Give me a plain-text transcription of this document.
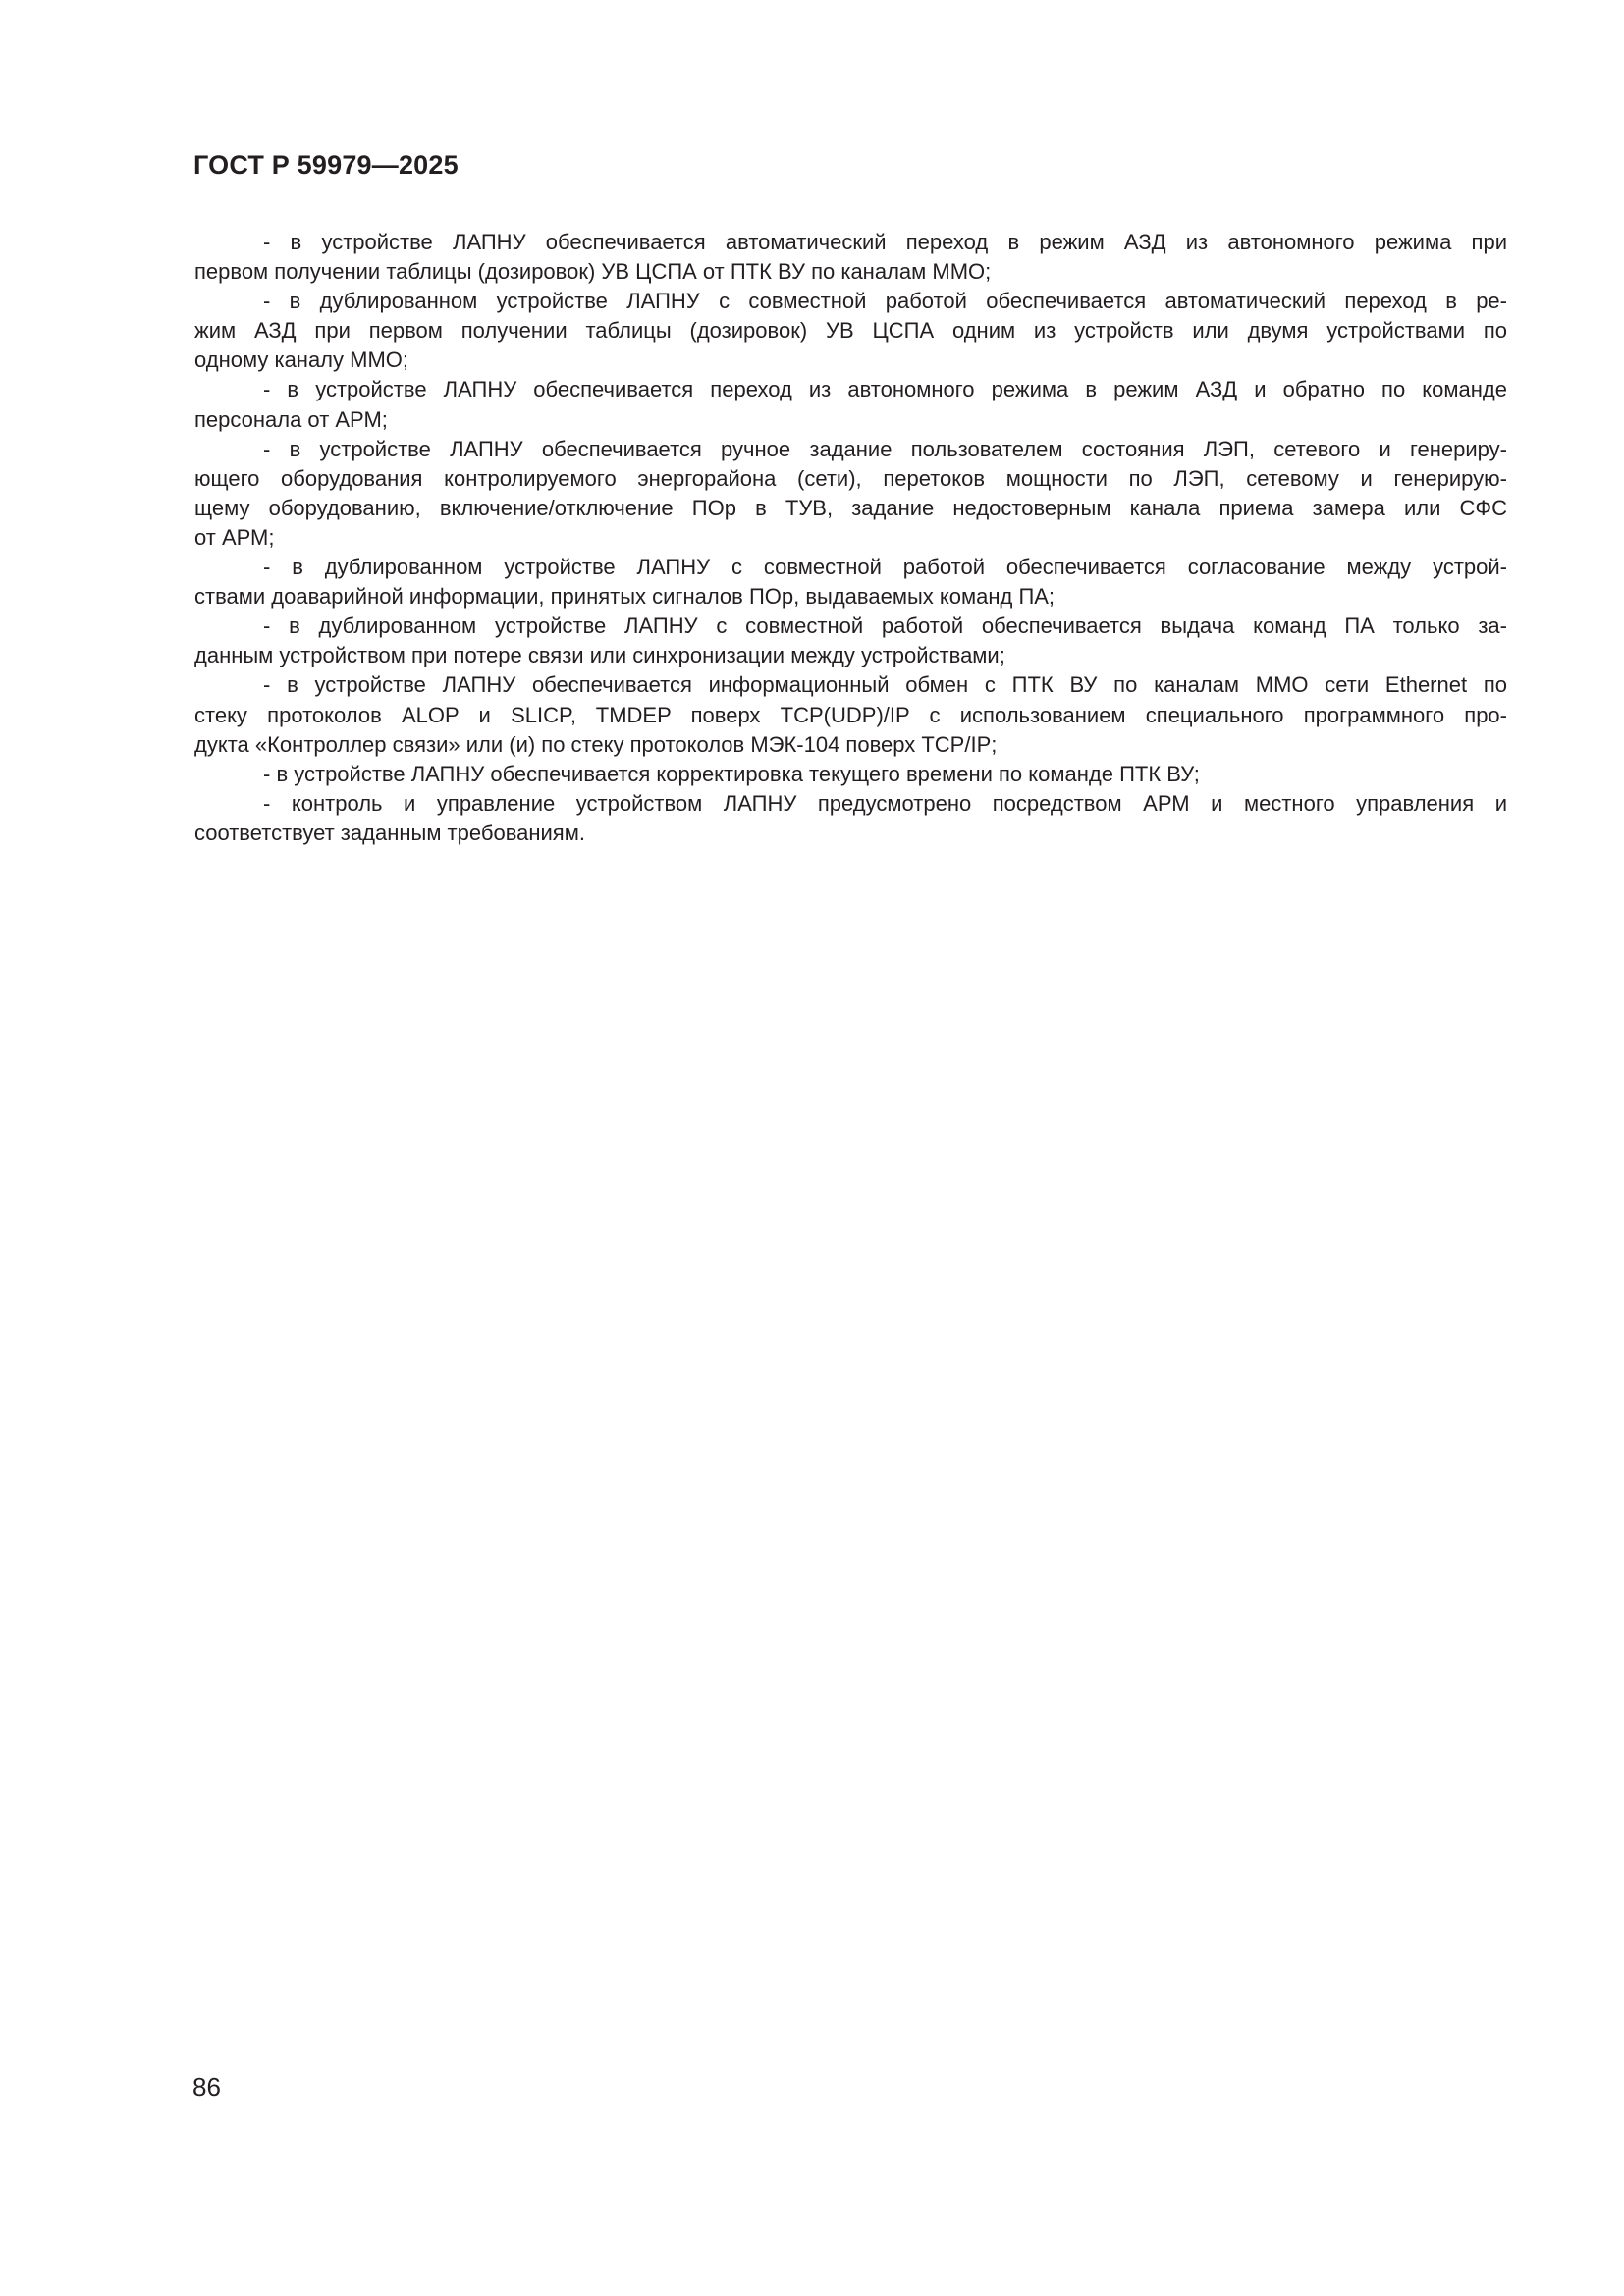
ГОСТ Р 59979—2025
- в устройстве ЛАПНУ обеспечивается автоматический переход в режим АЗД из автономного режима при
первом получении таблицы (дозировок) УВ ЦСПА от ПТК ВУ по каналам ММО;
- в дублированном устройстве ЛАПНУ с совместной работой обеспечивается автоматический переход в ре-
жим АЗД при первом получении таблицы (дозировок) УВ ЦСПА одним из устройств или двумя устройствами по
одному каналу ММО;
- в устройстве ЛАПНУ обеспечивается переход из автономного режима в режим АЗД и обратно по команде
персонала от АРМ;
- в устройстве ЛАПНУ обеспечивается ручное задание пользователем состояния ЛЭП, сетевого и генериру-
ющего оборудования контролируемого энергорайона (сети), перетоков мощности по ЛЭП, сетевому и генерирую-
щему оборудованию, включение/отключение ПОр в ТУВ, задание недостоверным канала приема замера или СФС
от АРМ;
- в дублированном устройстве ЛАПНУ с совместной работой обеспечивается согласование между устрой-
ствами доаварийной информации, принятых сигналов ПОр, выдаваемых команд ПА;
- в дублированном устройстве ЛАПНУ с совместной работой обеспечивается выдача команд ПА только за-
данным устройством при потере связи или синхронизации между устройствами;
- в устройстве ЛАПНУ обеспечивается информационный обмен с ПТК ВУ по каналам ММО сети Ethernet по
стеку протоколов ALOP и SLICP, TMDEP поверх TCP(UDP)/IP с использованием специального программного про-
дукта «Контроллер связи» или (и) по стеку протоколов МЭК-104 поверх TCP/IP;
- в устройстве ЛАПНУ обеспечивается корректировка текущего времени по команде ПТК ВУ;
- контроль и управление устройством ЛАПНУ предусмотрено посредством АРМ и местного управления и
соответствует заданным требованиям.
86
